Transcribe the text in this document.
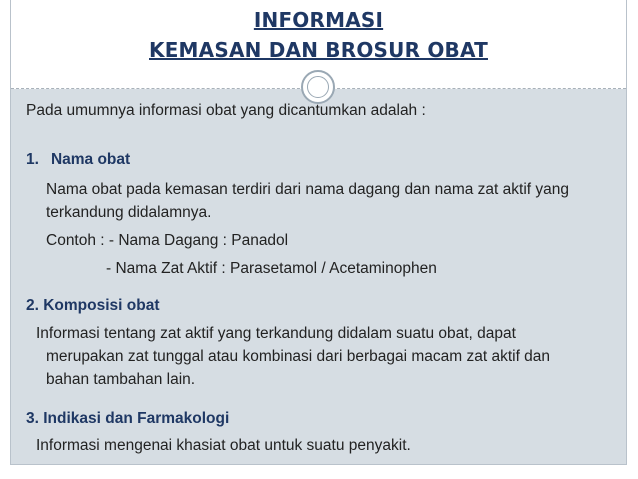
INFORMASI
KEMASAN DAN BROSUR OBAT
Pada umumnya informasi obat yang dicantumkan adalah :
1. Nama obat
Nama obat pada kemasan terdiri dari nama dagang dan nama zat aktif yang
terkandung didalamnya.
Contoh : - Nama Dagang : Panadol
- Nama Zat Aktif : Parasetamol / Acetaminophen
2. Komposisi obat
Informasi tentang zat aktif yang terkandung didalam suatu obat, dapat
merupakan zat tunggal atau kombinasi dari berbagai macam zat aktif dan
bahan tambahan lain.
3. Indikasi dan Farmakologi
Informasi mengenai khasiat obat untuk suatu penyakit.
